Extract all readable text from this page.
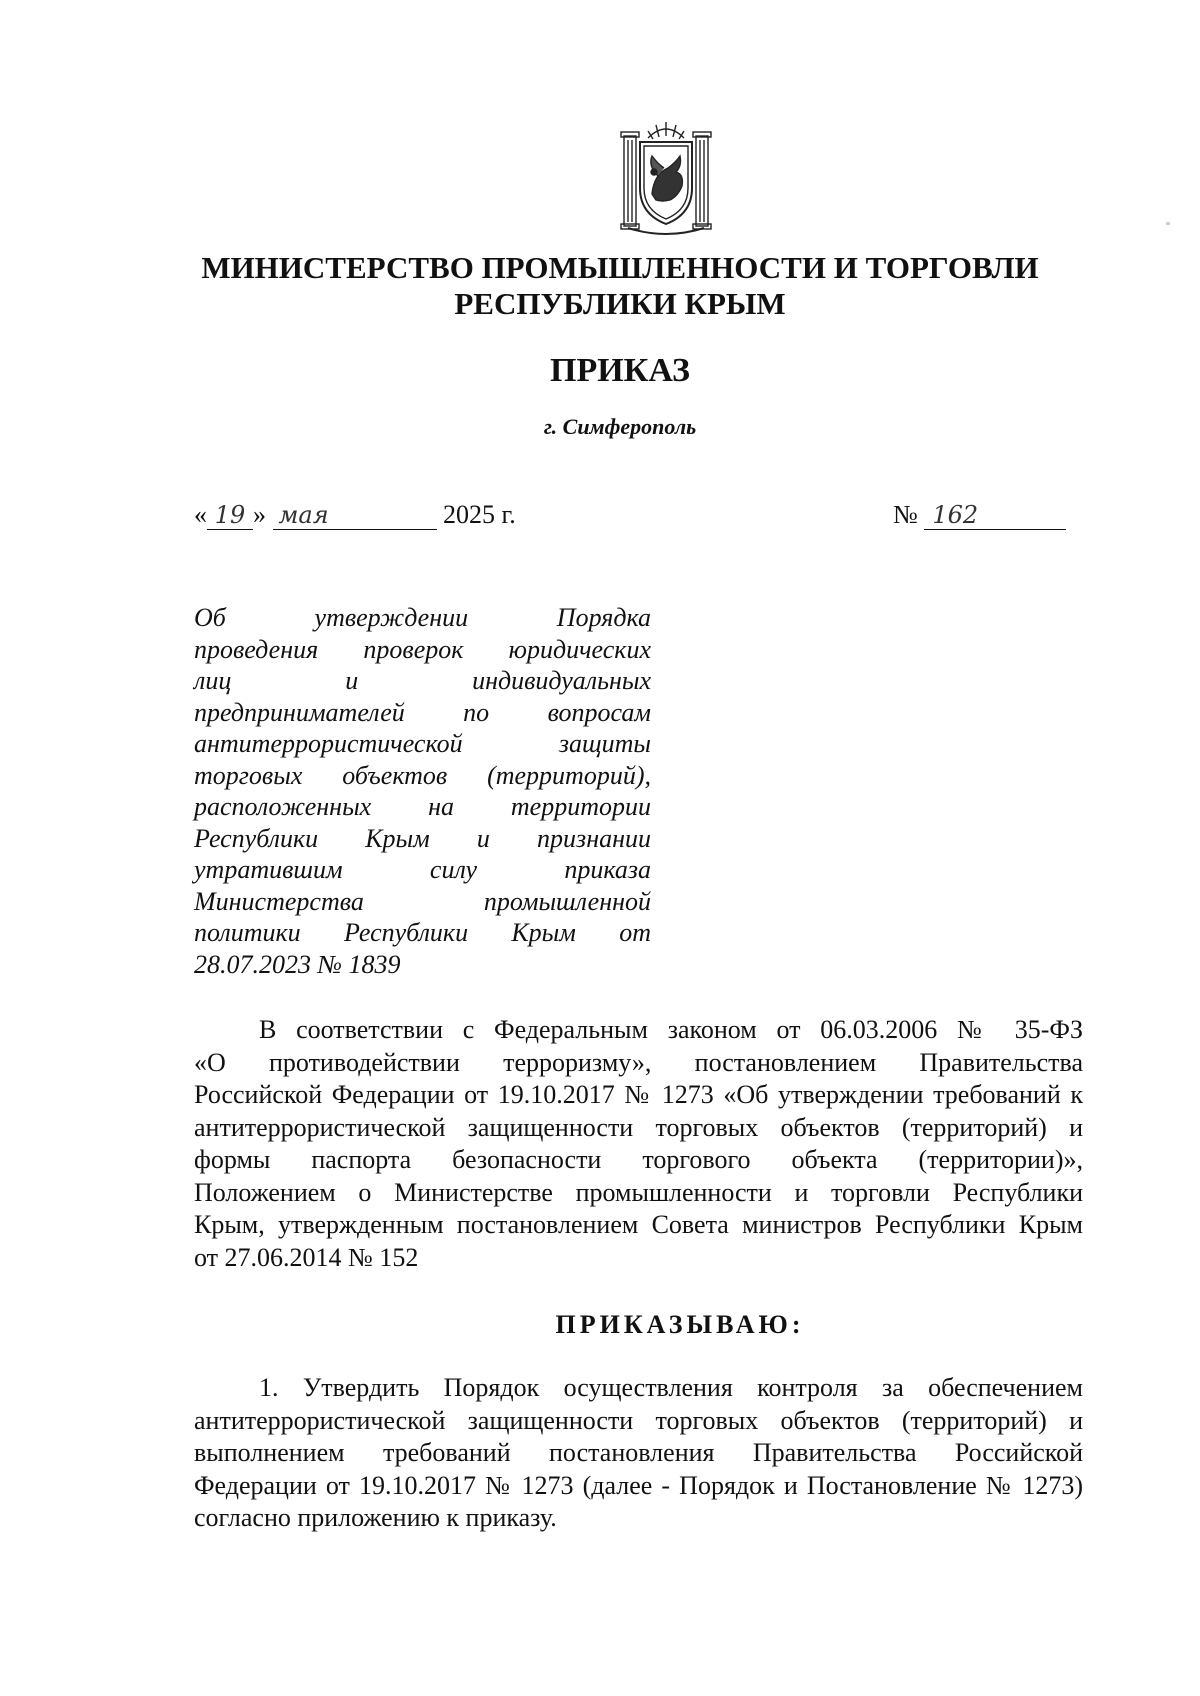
МИНИСТЕРСТВО ПРОМЫШЛЕННОСТИ И ТОРГОВЛИ
РЕСПУБЛИКИ КРЫМ
ПРИКАЗ
г. Симферополь
« 19 » мая	2025 г.	№ 162
Об утверждении Порядка
проведения проверок юридических
лиц и индивидуальных
предпринимателей по вопросам
антитеррористической защиты
торговых объектов (территорий),
расположенных на территории
Республики Крым и признании
утратившим силу приказа
Министерства промышленной
политики Республики Крым от
28.07.2023 № 1839
В соответствии с Федеральным законом от 06.03.2006 № 35-ФЗ
«О противодействии терроризму», постановлением Правительства
Российской Федерации от 19.10.2017 № 1273 «Об утверждении требований к
антитеррористической защищенности торговых объектов (территорий) и
формы паспорта безопасности торгового объекта (территории)»,
Положением о Министерстве промышленности и торговли Республики
Крым, утвержденным постановлением Совета министров Республики Крым
от 27.06.2014 № 152
ПРИКАЗЫВАЮ:
1. Утвердить Порядок осуществления контроля за обеспечением
антитеррористической защищенности торговых объектов (территорий) и
выполнением требований постановления Правительства Российской
Федерации от 19.10.2017 № 1273 (далее - Порядок и Постановление № 1273)
согласно приложению к приказу.
